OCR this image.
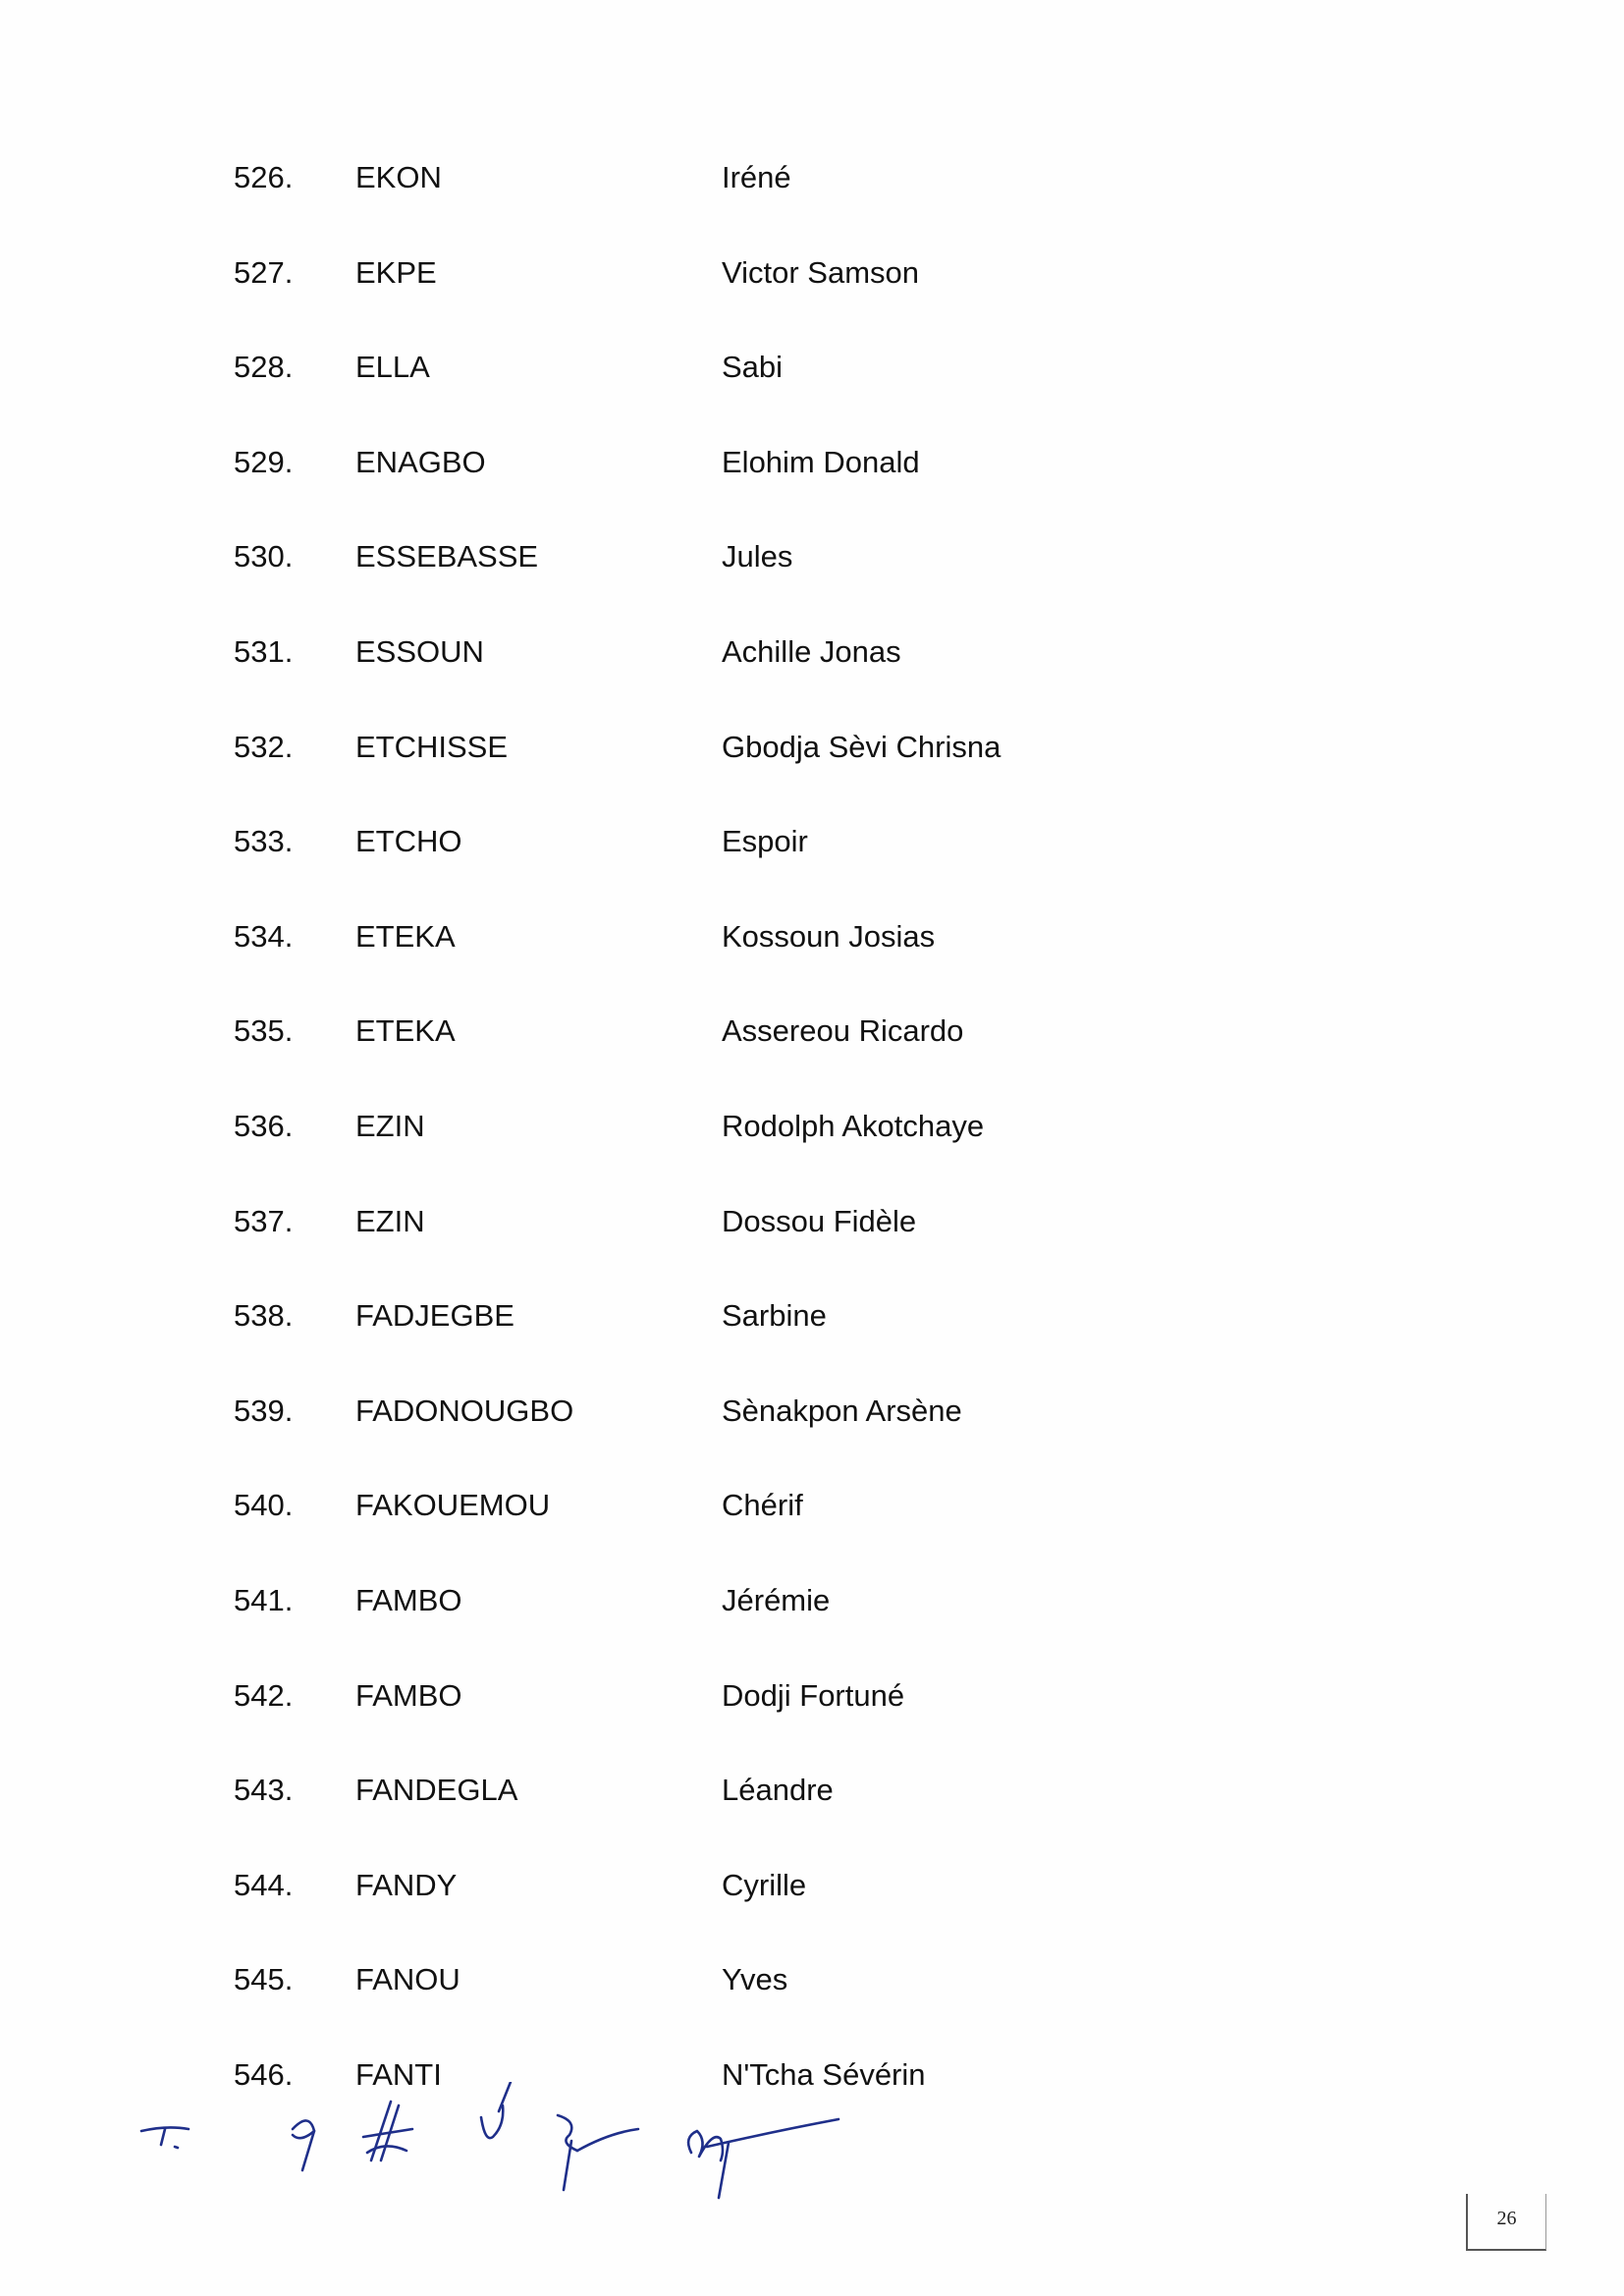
526. EKON	Iréné
527. EKPE	Victor Samson
528. ELLA	Sabi
529. ENAGBO	Elohim Donald
530. ESSEBASSE	Jules
531. ESSOUN	Achille Jonas
532. ETCHISSE	Gbodja Sèvi Chrisna
533. ETCHO	Espoir
534. ETEKA	Kossoun Josias
535. ETEKA	Assereou Ricardo
536. EZIN	Rodolph Akotchaye
537. EZIN	Dossou Fidèle
538. FADJEGBE	Sarbine
539. FADONOUGBO	Sènakpon Arsène
540. FAKOUEMOU	Chérif
541. FAMBO	Jérémie
542. FAMBO	Dodji Fortuné
543. FANDEGLA	Léandre
544. FANDY	Cyrille
545. FANOU	Yves
546. FANTI	N'Tcha Sévérin
26
